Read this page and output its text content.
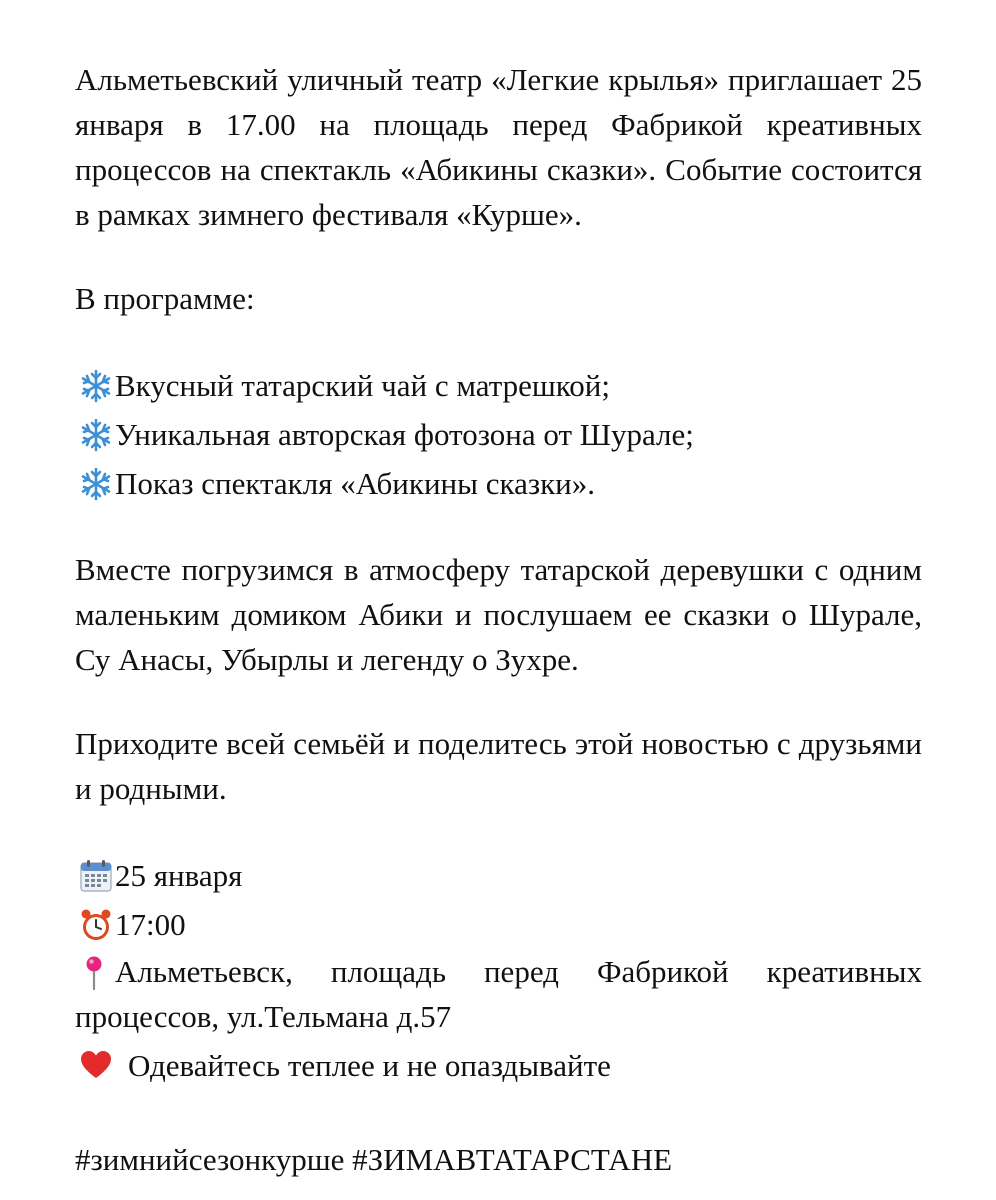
Альметьевский уличный театр «Легкие крылья» приглашает 25 января в 17.00 на площадь перед Фабрикой креативных процессов на спектакль «Абикины сказки». Событие состоится в рамках зимнего фестиваля «Курше».

В программе:

Вкусный татарский чай с матрешкой;
Уникальная авторская фотозона от Шурале;
Показ спектакля «Абикины сказки».

Вместе погрузимся в атмосферу татарской деревушки с одним маленьким домиком Абики и послушаем ее сказки о Шурале, Су Анасы, Убырлы и легенду о Зухре.

Приходите всей семьёй и поделитесь этой новостью с друзьями и родными.

25 января
17:00
Альметьевск, площадь перед Фабрикой креативных
процессов, ул.Тельмана д.57
Одевайтесь теплее и не опаздывайте
#зимнийсезонкурше #ЗИМАВТАТАРСТАНЕ
